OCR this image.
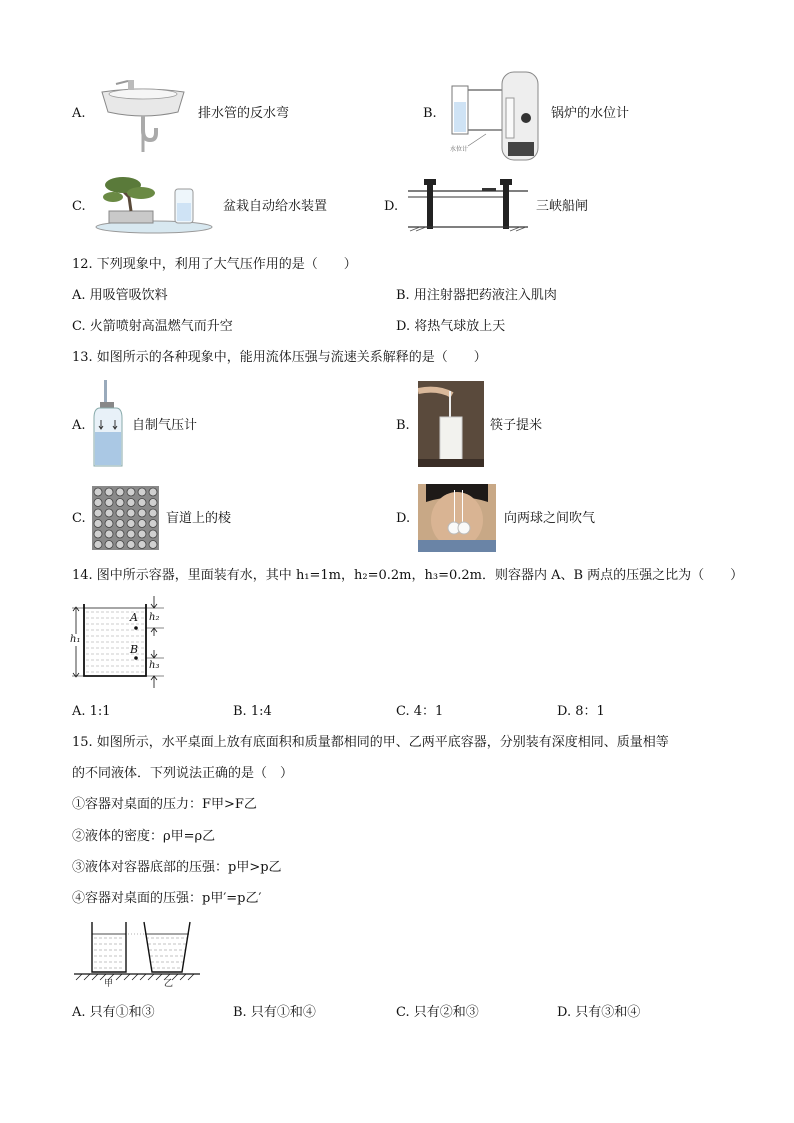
A.	排水管的反水弯	B.
水位计
锅炉的水位计
C.	盆栽自动给水装置	D.	三峡船闸
12. 下列现象中，利用了大气压作用的是（　　）
A. 用吸管吸饮料	B. 用注射器把药液注入肌肉
C. 火箭喷射高温燃气而升空	D. 将热气球放上天
13. 如图所示的各种现象中，能用流体压强与流速关系解释的是（　　）
A.	自制气压计	B.	筷子提米
C.	盲道上的棱	D.	向两球之间吹气
14. 图中所示容器，里面装有水，其中 h₁=1m，h₂=0.2m，h₃=0.2m．则容器内 A、B 两点的压强之比为（　　）
A
B
h₁
h₂
h₃
A. 1:1	B. 1:4	C. 4：1	D. 8：1
15. 如图所示，水平桌面上放有底面积和质量都相同的甲、乙两平底容器，分别装有深度相同、质量相等
的不同液体．下列说法正确的是（　）
①容器对桌面的压力：F甲>F乙
②液体的密度：ρ甲=ρ乙
③液体对容器底部的压强：p甲>p乙
④容器对桌面的压强：p甲′=p乙′
甲	乙
A. 只有①和③	B. 只有①和④	C. 只有②和③	D. 只有③和④
